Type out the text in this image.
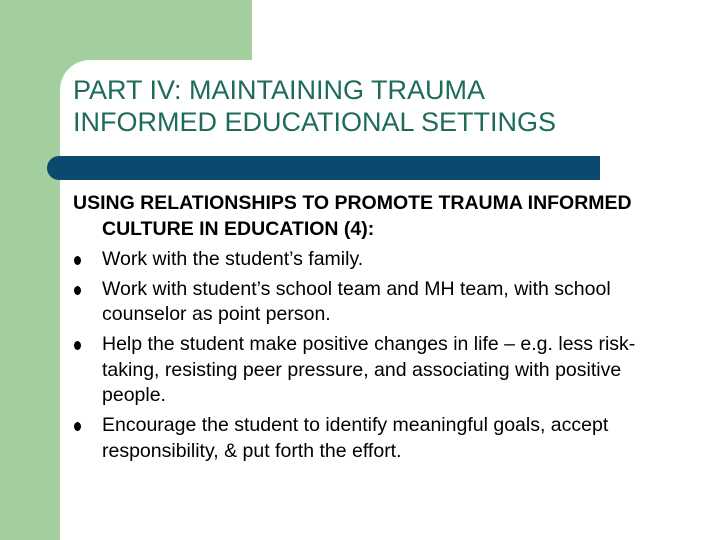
PART IV: MAINTAINING TRAUMA
INFORMED EDUCATIONAL SETTINGS
USING RELATIONSHIPS TO PROMOTE TRAUMA INFORMED CULTURE IN EDUCATION (4):
Work with the student’s family.
Work with student’s school team and MH team, with school counselor as point person.
Help the student make positive changes in life – e.g. less risk-taking, resisting peer pressure, and associating with positive people.
Encourage the student to identify meaningful goals, accept responsibility, & put forth the effort.
